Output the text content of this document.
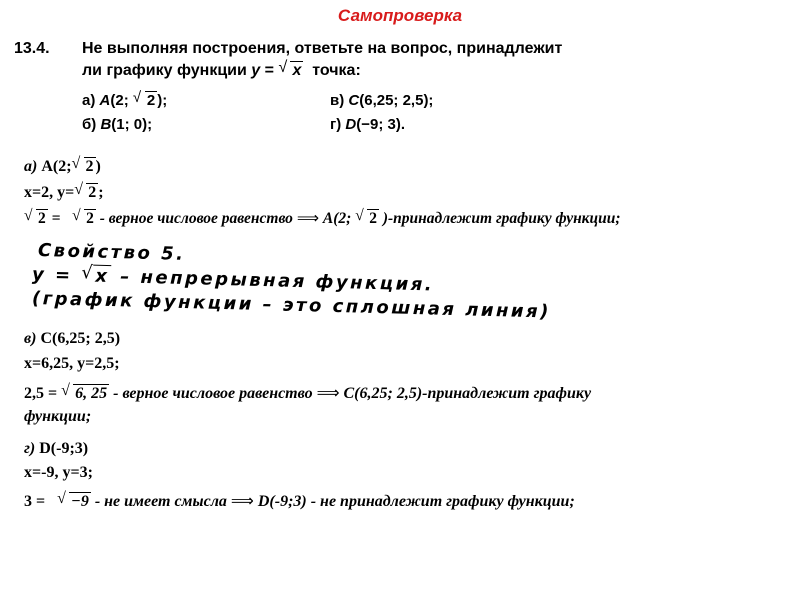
Самопроверка
13.4. Не выполняя построения, ответьте на вопрос, принадлежит
ли графику функции y = √ x точка:
а) A(2; √ 2 );
б) B(1; 0);
в) C(6,25; 2,5);
г) D(−9; 3).
а) А(2; √ 2 )
х=2, у= √ 2 ;
√ 2 =   √ 2 - верное числовое равенство ⟹ А(2; √ 2 )-принадлежит графику функции;
Свойство 5.
у = √ х – непрерывная функция.
(график функции – это сплошная линия)
в) С(6,25; 2,5)
х=6,25, у=2,5;
2,5 = √ 6, 25 - верное числовое равенство ⟹ С(6,25; 2,5)-принадлежит графику
функции;
г) D(-9;3)
х=-9, у=3;
3 =   √ −9 - не имеет смысла ⟹ D(-9;3) - не принадлежит графику функции;
